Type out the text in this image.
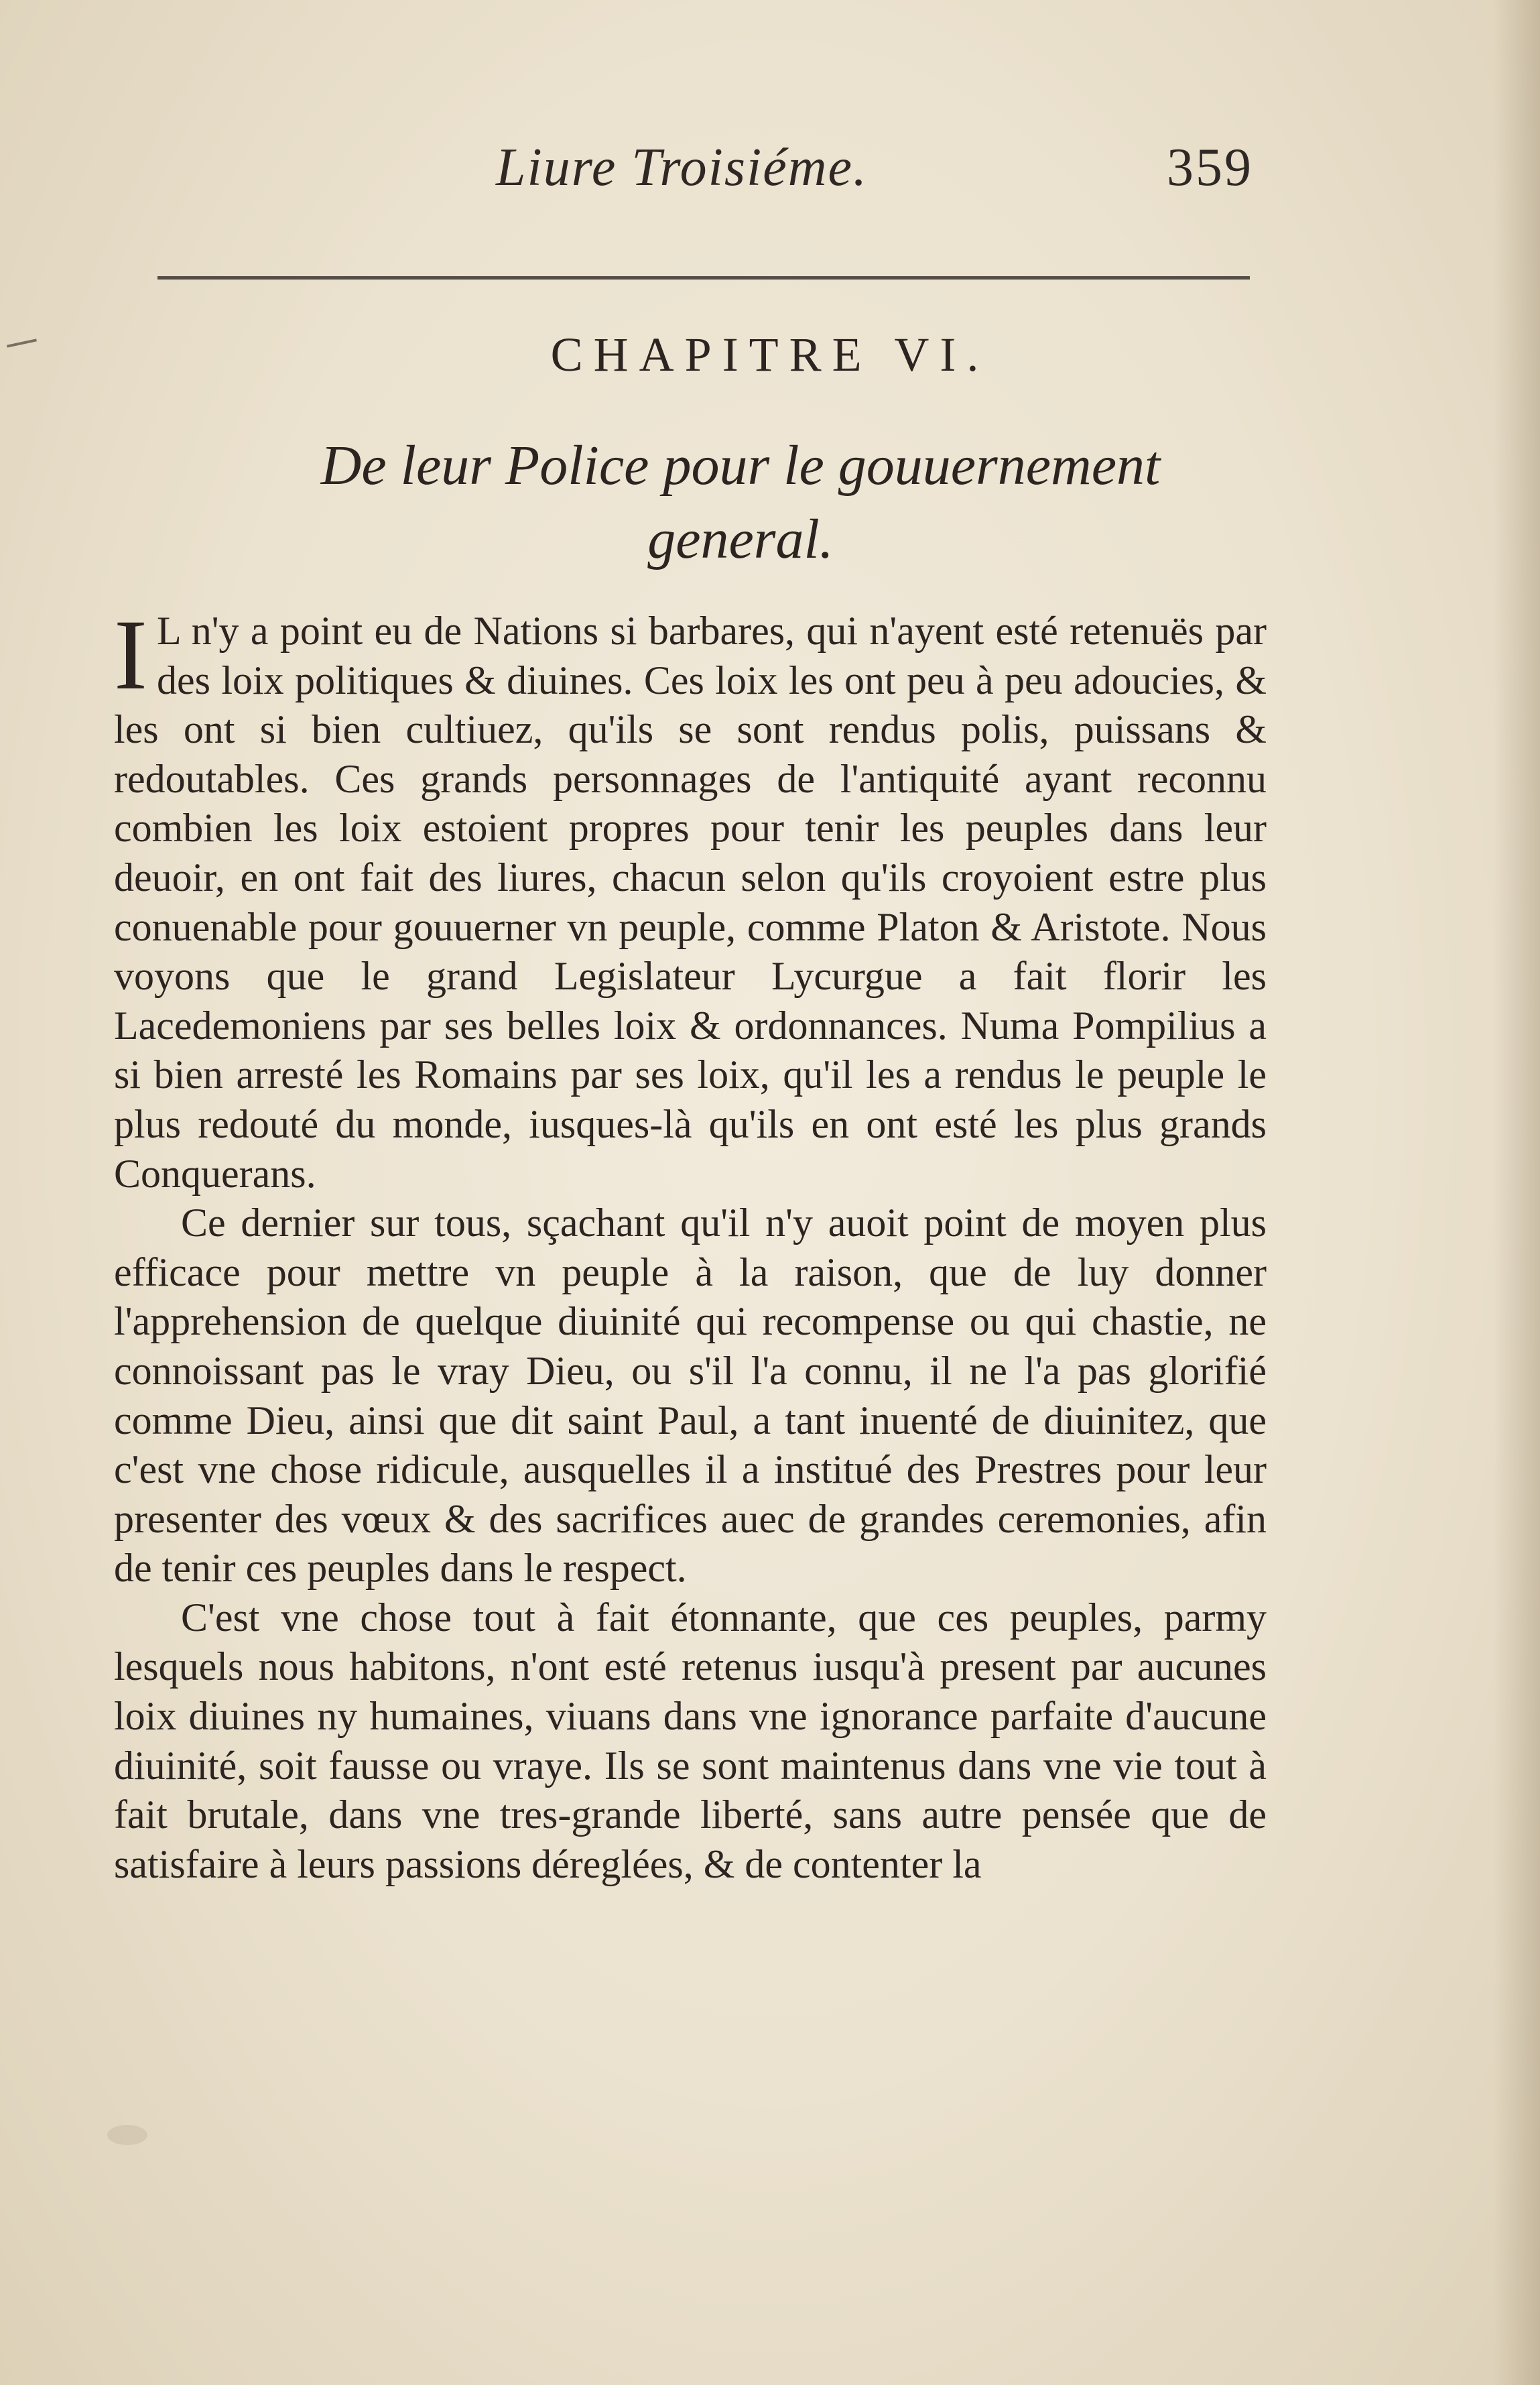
Liure Troisiéme.	359
CHAPITRE VI.
De leur Police pour le gouuernement general.

I L n'y a point eu de Nations si barbares, qui n'ayent esté retenuës par des loix politiques & diuines. Ces loix les ont peu à peu adoucies, & les ont si bien cultiuez, qu'ils se sont rendus polis, puissans & redoutables. Ces grands personnages de l'antiquité ayant reconnu combien les loix estoient propres pour tenir les peuples dans leur deuoir, en ont fait des liures, chacun selon qu'ils croyoient estre plus conuenable pour gouuerner vn peuple, comme Platon & Aristote. Nous voyons que le grand Legislateur Lycurgue a fait florir les Lacedemoniens par ses belles loix & ordonnances. Numa Pompilius a si bien arresté les Romains par ses loix, qu'il les a rendus le peuple le plus redouté du monde, iusques-là qu'ils en ont esté les plus grands Conquerans.

Ce dernier sur tous, sçachant qu'il n'y auoit point de moyen plus efficace pour mettre vn peuple à la raison, que de luy donner l'apprehension de quelque diuinité qui recompense ou qui chastie, ne connoissant pas le vray Dieu, ou s'il l'a connu, il ne l'a pas glorifié comme Dieu, ainsi que dit saint Paul, a tant inuenté de diuinitez, que c'est vne chose ridicule, ausquelles il a institué des Prestres pour leur presenter des vœux & des sacrifices auec de grandes ceremonies, afin de tenir ces peuples dans le respect.

C'est vne chose tout à fait étonnante, que ces peuples, parmy lesquels nous habitons, n'ont esté retenus iusqu'à present par aucunes loix diuines ny humaines, viuans dans vne ignorance parfaite d'aucune diuinité, soit fausse ou vraye. Ils se sont maintenus dans vne vie tout à fait brutale, dans vne tres-grande liberté, sans autre pensée que de satisfaire à leurs passions déreglées, & de contenter la
